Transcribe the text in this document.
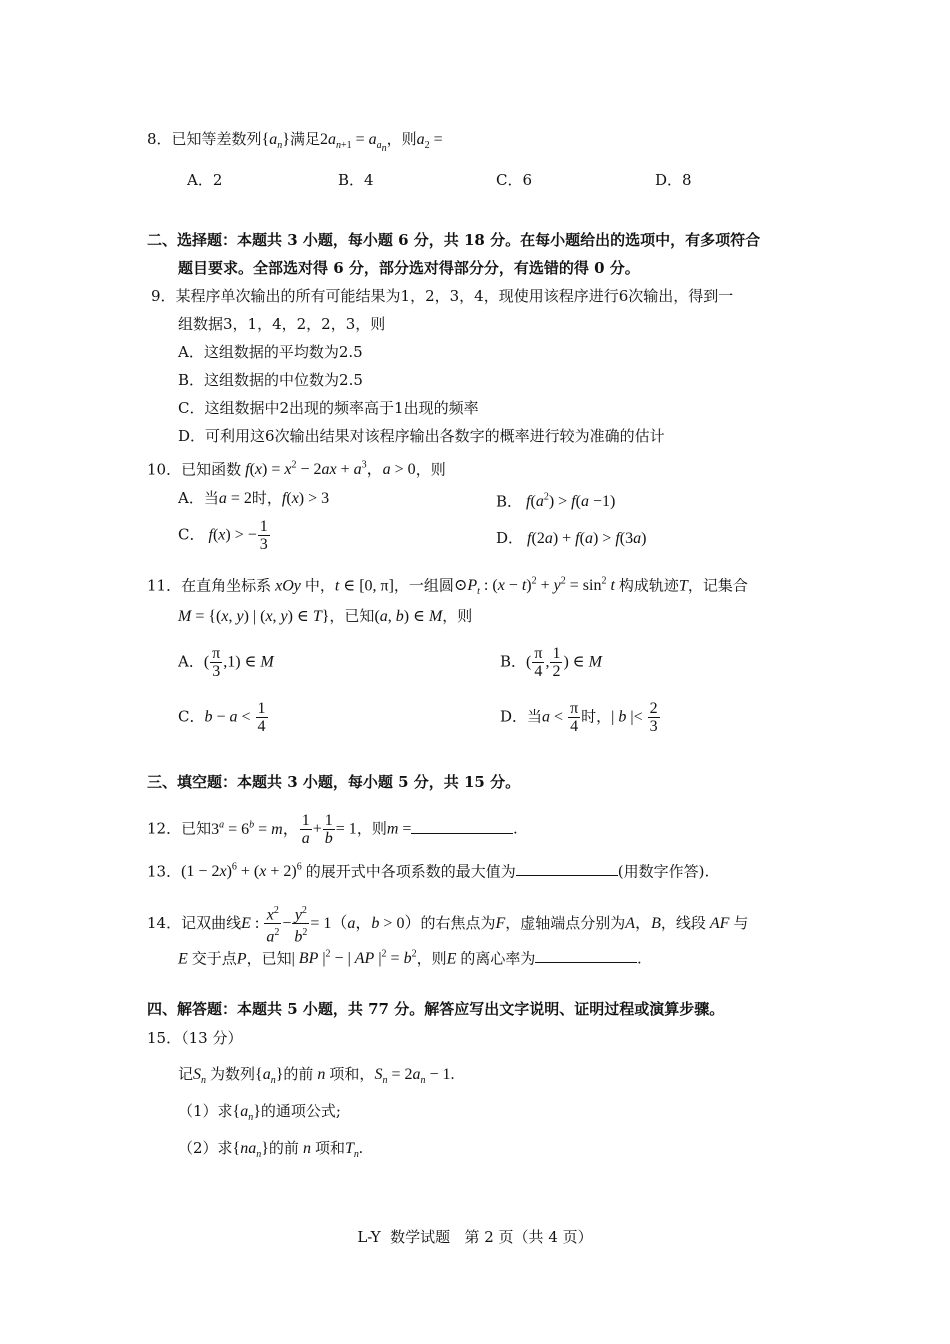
8．已知等差数列$\{a_n\}$满足$2a_{n+1} = a_{a_n}$，则$a_2$ =
A．2	B．4	C．6	D．8
二、选择题：本题共 3 小题，每小题 6 分，共 18 分。在每小题给出的选项中，有多项符合
题目要求。全部选对得 6 分，部分选对得部分分，有选错的得 0 分。
9．某程序单次输出的所有可能结果为1，2，3，4，现使用该程序进行6次输出，得到一
组数据3，1，4，2，2，3，则
A．这组数据的平均数为2.5
B．这组数据的中位数为2.5
C．这组数据中2出现的频率高于1出现的频率
D．可利用这6次输出结果对该程序输出各数字的概率进行较为准确的估计
10．已知函数 $f(x) = x^2 - 2ax + a^3$，a > 0，则
A．当a = 2时，f(x) > 3	B． $f(a^2) > f(a -1)$
C． f(x) > − $\frac{1}{3}$	D． f(2a) + f(a) > f(3a)
11．在直角坐标系 xOy 中，t ∈ [0, π]，一组圆$⊙P_t$ : $(x - t)^2 + y^2 = \sin^2 t$ 构成轨迹T，记集合
M = {(x, y) | (x, y) ∈ T}，已知(a, b) ∈ M，则
A．( $\frac{\pi}{3} ,1$) ∈ M	B．( $\frac{\pi}{4}$ , $\frac{1}{2}$ ) ∈ M
C．$b - a < \frac{1}{4}$	D．当$a < \frac{\pi}{4}$ 时，| b |< $\frac{2}{3}$
三、填空题：本题共 3 小题，每小题 5 分，共 15 分。
12．已知$3^a = 6^b = m$， $\frac{1}{a} + \frac{1}{b} = 1$，则m =	.
13．$(1 - 2x)^6 + (x + 2)^6$ 的展开式中各项系数的最大值为	(用数字作答).
14．记双曲线E : $\frac{x^2}{a^2} - \frac{y^2}{b^2} = 1(a$，b > 0）的右焦点为F，虚轴端点分别为A，B，线段 AF 与
E 交于点P，已知| BP $|^2$ − | AP $|^2 = b^2$，则E 的离心率为	.
四、解答题：本题共 5 小题，共 77 分。解答应写出文字说明、证明过程或演算步骤。
15．（13 分）
记$S_n$ 为数列$\{a_n\}$的前 n 项和，$S_n = 2a_n - 1$.
（1）求$\{a_n\}$的通项公式;
（2）求$\{na_n\}$的前 n 项和$T_n$.
L-Y  数学试题   第 2 页（共 4 页）
